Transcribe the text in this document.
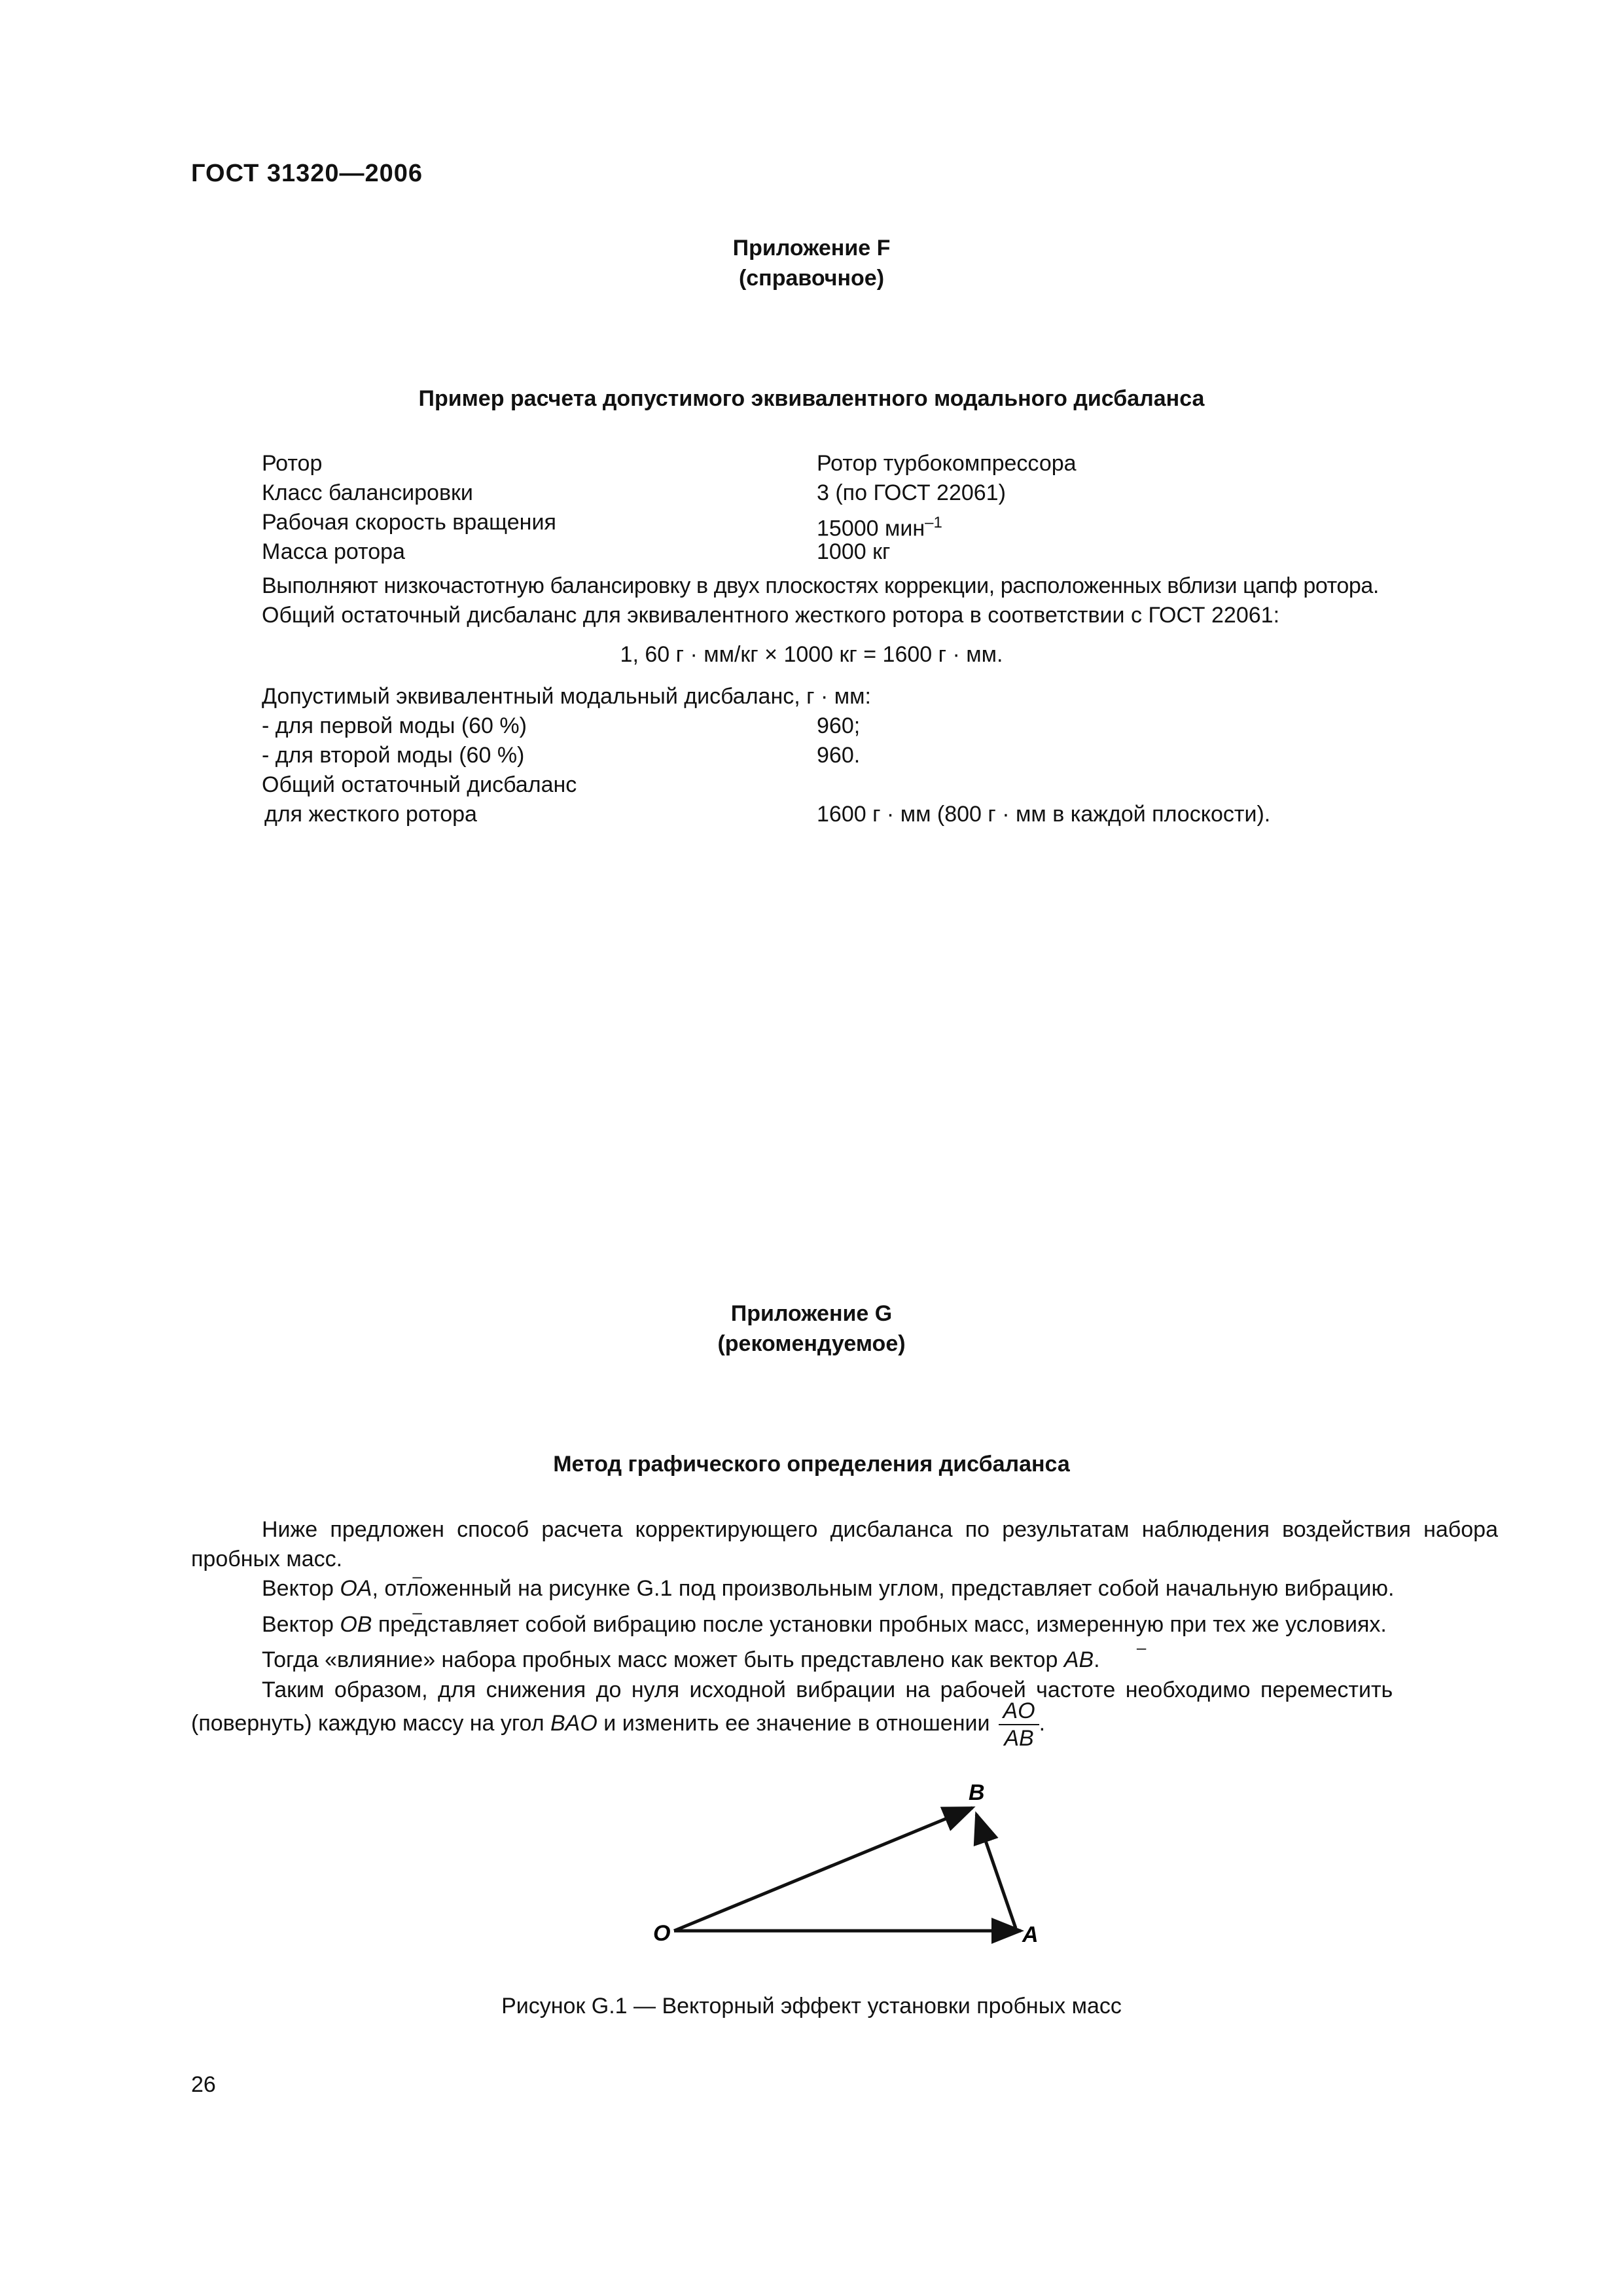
ГОСТ 31320—2006
Приложение F
(справочное)
Пример расчета допустимого эквивалентного модального дисбаланса
Ротор	Ротор турбокомпрессора
Класс балансировки	3 (по ГОСТ 22061)
Рабочая скорость вращения	15000 мин$^{-1}$
Масса ротора	1000 кг
Выполняют низкочастотную балансировку в двух плоскостях коррекции, расположенных вблизи цапф ротора.
Общий остаточный дисбаланс для эквивалентного жесткого ротора в соответствии с ГОСТ 22061:
1, 60 г · мм/кг × 1000 кг = 1600 г · мм.
Допустимый эквивалентный модальный дисбаланс, г · мм:
- для первой моды (60 %)	960;
- для второй моды (60 %)	960.
Общий остаточный дисбаланс
для жесткого ротора	1600 г · мм (800 г · мм в каждой плоскости).
Приложение G
(рекомендуемое)
Метод графического определения дисбаланса
Ниже предложен способ расчета корректирующего дисбаланса по результатам наблюдения воздействия набора пробных масс.
Вектор OA –, отложенный на рисунке G.1 под произвольным углом, представляет собой начальную вибрацию.
Вектор OB – представляет собой вибрацию после установки пробных масс, измеренную при тех же условиях.
Тогда «влияние» набора пробных масс может быть представлено как вектор AB –.
Таким образом, для снижения до нуля исходной вибрации на рабочей частоте необходимо переместить
(повернуть) каждую массу на угол BAO и изменить ее значение в отношении $\frac{AO}{AB}$ .
O	A
B
Рисунок G.1 — Векторный эффект установки пробных масс
26
